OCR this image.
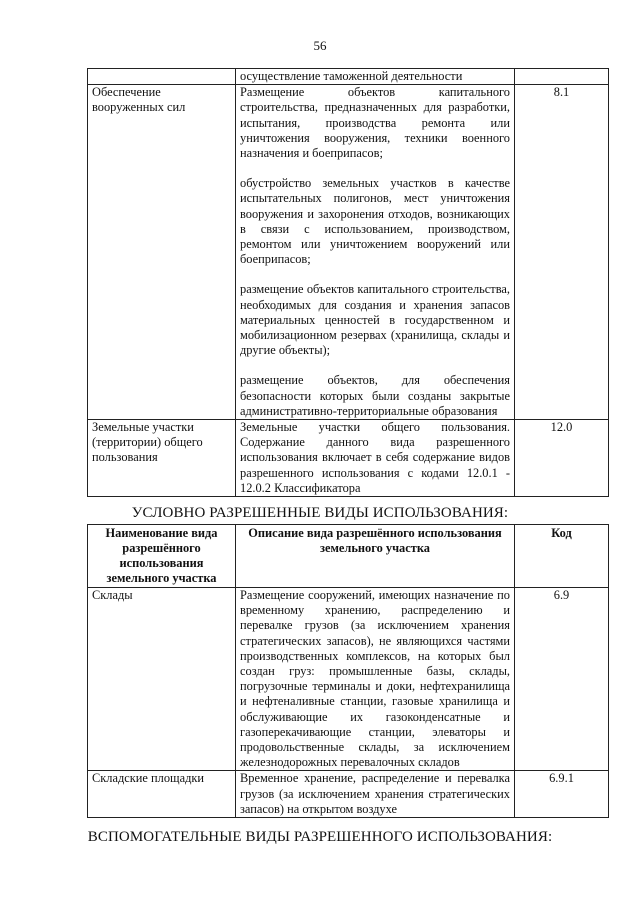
56

	осуществление таможенной деятельности	

Обеспечение вооруженных сил	Размещение объектов капитального строительства, предназначенных для разработки, испытания, производства ремонта или уничтожения вооружения, техники военного назначения и боеприпасов;

обустройство земельных участков в качестве испытательных полигонов, мест уничтожения вооружения и захоронения отходов, возникающих в связи с использованием, производством, ремонтом или уничтожением вооружений или боеприпасов;

размещение объектов капитального строительства, необходимых для создания и хранения запасов материальных ценностей в государственном и мобилизационном резервах (хранилища, склады и другие объекты);

размещение объектов, для обеспечения безопасности которых были созданы закрытые административно-территориальные образования	8.1
Земельные участки (территории) общего пользования	Земельные участки общего пользования. Содержание данного вида разрешенного использования включает в себя содержание видов разрешенного использования с кодами 12.0.1 - 12.0.2 Классификатора	12.0
УСЛОВНО РАЗРЕШЕННЫЕ ВИДЫ ИСПОЛЬЗОВАНИЯ:
Наименование вида разрешённого использования земельного участка	Описание вида разрешённого использования земельного участка	Код
Склады	Размещение сооружений, имеющих назначение по временному хранению, распределению и перевалке грузов (за исключением хранения стратегических запасов), не являющихся частями производственных комплексов, на которых был создан груз: промышленные базы, склады, погрузочные терминалы и доки, нефтехранилища и нефтеналивные станции, газовые хранилища и обслуживающие их газоконденсатные и газоперекачивающие станции, элеваторы и продовольственные склады, за исключением железнодорожных перевалочных складов	6.9
Складские площадки	Временное хранение, распределение и перевалка грузов (за исключением хранения стратегических запасов) на открытом воздухе	6.9.1
ВСПОМОГАТЕЛЬНЫЕ ВИДЫ РАЗРЕШЕННОГО ИСПОЛЬЗОВАНИЯ:
